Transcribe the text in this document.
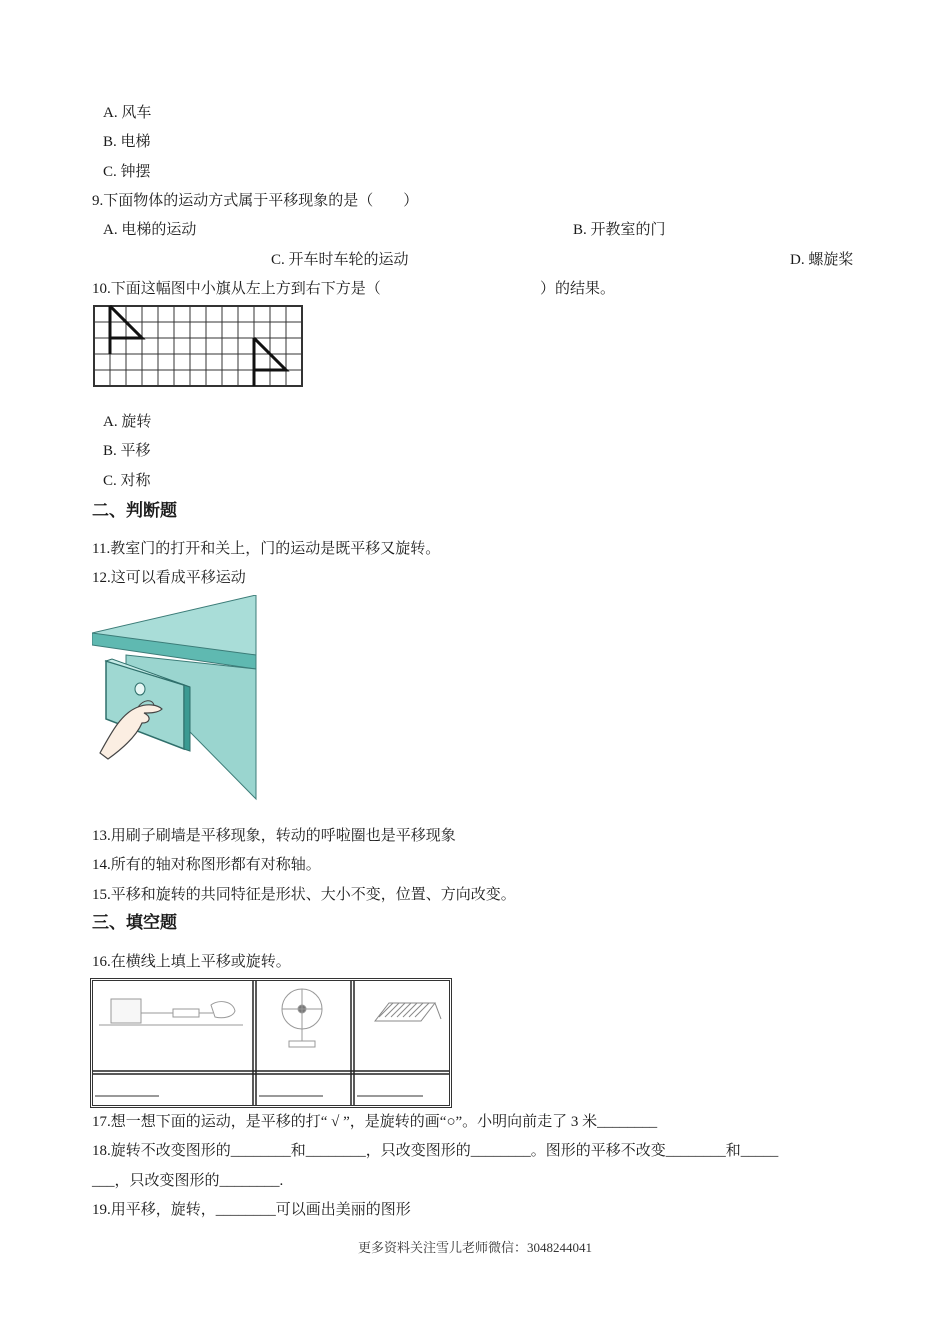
A. 风车
B. 电梯
C. 钟摆
9.下面物体的运动方式属于平移现象的是（　　）
A. 电梯的运动	B. 开教室的门
C. 开车时车轮的运动	D. 螺旋桨
10.下面这幅图中小旗从左上方到右下方是（	）的结果。
A. 旋转
B. 平移
C. 对称
二、判断题
11.教室门的打开和关上，门的运动是既平移又旋转。
12.这可以看成平移运动
13.用刷子刷墙是平移现象，转动的呼啦圈也是平移现象
14.所有的轴对称图形都有对称轴。
15.平移和旋转的共同特征是形状、大小不变，位置、方向改变。
三、填空题
16.在横线上填上平移或旋转。
17.想一想下面的运动，是平移的打“ √ ”，是旋转的画“○”。小明向前走了 3 米________
18.旋转不改变图形的________和________，只改变图形的________。图形的平移不改变________和_____
___，只改变图形的________.
19.用平移，旋转，________可以画出美丽的图形
更多资料关注雪儿老师微信：3048244041
